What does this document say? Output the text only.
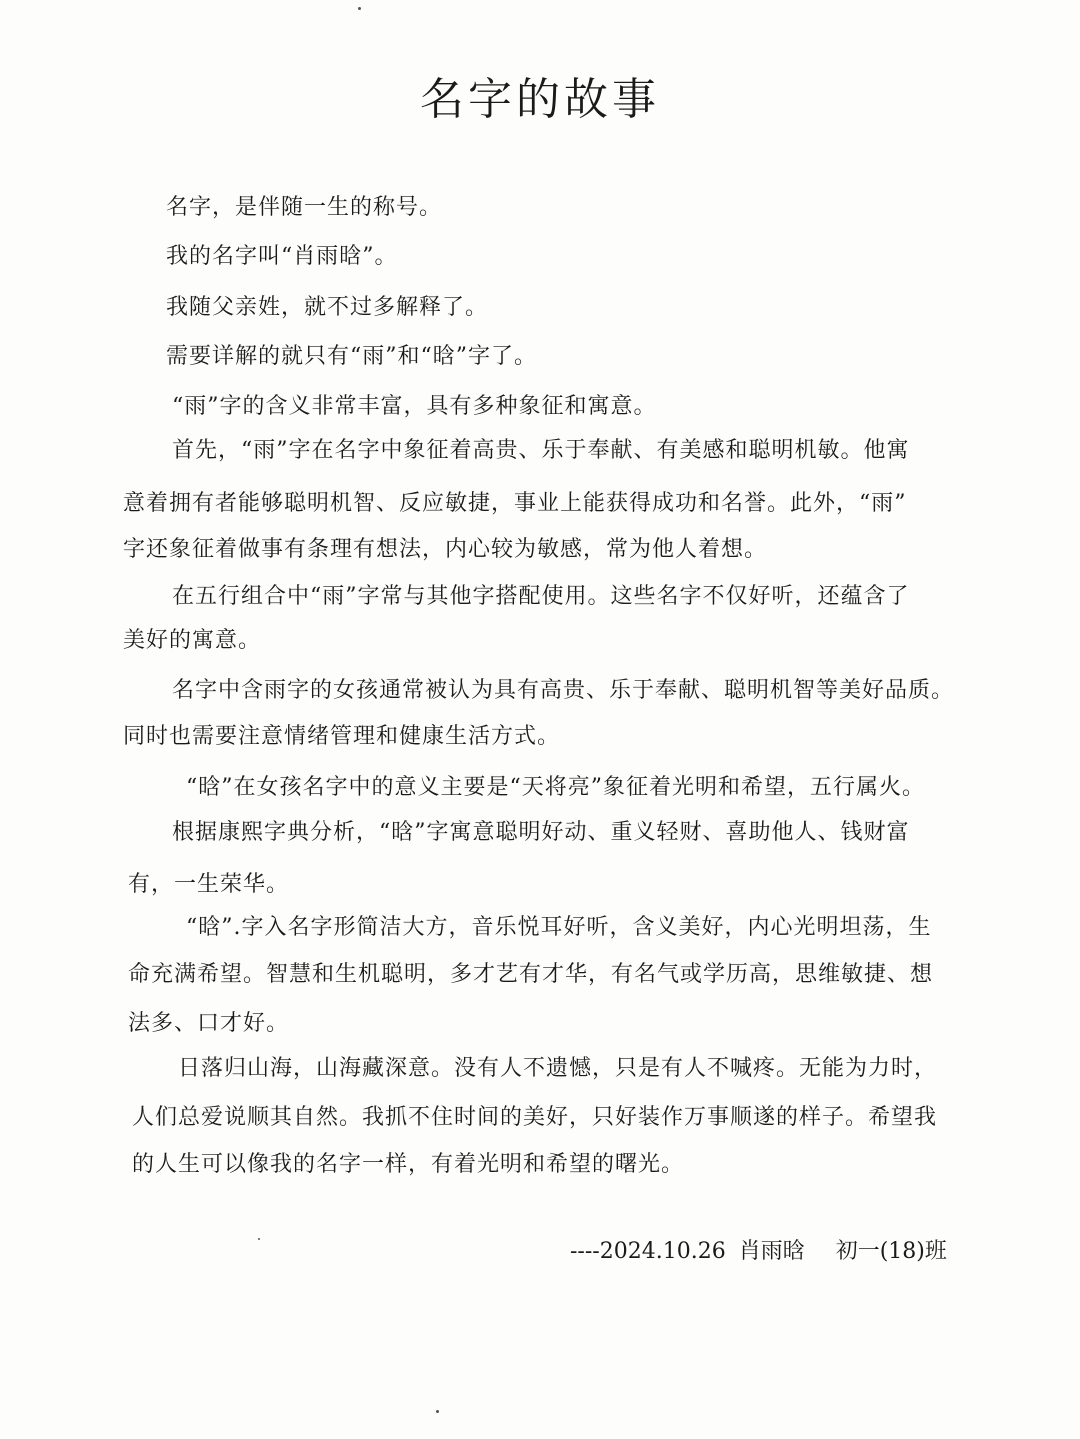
名字的故事
名字，是伴随一生的称号。
我的名字叫“肖雨晗”。
我随父亲姓，就不过多解释了。
需要详解的就只有“雨”和“晗”字了。
“雨”字的含义非常丰富，具有多种象征和寓意。
首先，“雨”字在名字中象征着高贵、乐于奉献、有美感和聪明机敏。他寓
意着拥有者能够聪明机智、反应敏捷，事业上能获得成功和名誉。此外，“雨”
字还象征着做事有条理有想法，内心较为敏感，常为他人着想。
在五行组合中“雨”字常与其他字搭配使用。这些名字不仅好听，还蕴含了
美好的寓意。
名字中含雨字的女孩通常被认为具有高贵、乐于奉献、聪明机智等美好品质。
同时也需要注意情绪管理和健康生活方式。
“晗”在女孩名字中的意义主要是“天将亮”象征着光明和希望，五行属火。
根据康熙字典分析，“晗”字寓意聪明好动、重义轻财、喜助他人、钱财富
有，一生荣华。
“晗”.字入名字形简洁大方，音乐悦耳好听，含义美好，内心光明坦荡，生
命充满希望。智慧和生机聪明，多才艺有才华，有名气或学历高，思维敏捷、想
法多、口才好。
日落归山海，山海藏深意。没有人不遗憾，只是有人不喊疼。无能为力时，
人们总爱说顺其自然。我抓不住时间的美好，只好装作万事顺遂的样子。希望我
的人生可以像我的名字一样，有着光明和希望的曙光。
----2024.10.26 肖雨晗 初一(18)班
